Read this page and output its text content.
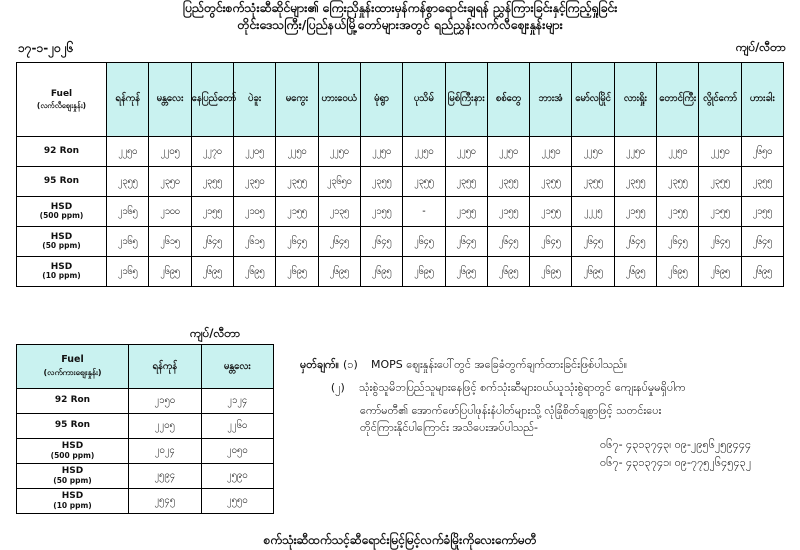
ပြည်တွင်းစက်သုံးဆီဆိုင်များ၏ ကြေးညှိနှုန်းထားမှန်ကန်စွာရောင်းချရန် ညွှန်ကြားခြင်းနှင့်ကြည့်ရှုခြင်း
တိုင်းဒေသကြီး/ပြည်နယ်မြို့တော်များအတွင် ရည်ညွှန်းလက်လီဈေးနှုန်းများ
၁၇-၁-၂၀၂၆	ကျပ်/လီတာ
Fuel
(လက်လီဈေးနှုန်း)	ရန်ကုန်	မန္တလေး	နေပြည်တော်	ပဲခူး	မကွေး	ဟားဝေယံ	မုံရွာ	ပုသိမ်	မြစ်ကြီးနား	စစ်တွေ	ဘားအံ	မော်လမြိုင်	လားရှိုး	တောင်ကြီး	လွိုင်ကော်	ဟားခါး
92 Ron	၂၂၅၀	၂၂၀၅	၂၂၇၀	၂၂၀၅	၂၂၅၀	၂၂၅၀	၂၂၅၀	၂၂၅၀	၂၂၅၀	၂၂၅၀	၂၂၅၀	၂၂၅၀	၂၂၅၀	၂၂၅၀	၂၂၅၀	၂၆၅၀
95 Ron	၂၃၅၅	၂၃၅၀	၂၃၅၅	၂၃၅၀	၂၃၅၅	၂၃၆၅၀	၂၃၅၅	၂၃၅၅	၂၃၅၅	၂၃၅၅	၂၃၅၅	၂၃၅၅	၂၃၅၅	၂၃၅၅	၂၃၅၅	၂၃၅၅
HSD
(500 ppm)	၂၁၆၅	၂၁၀၀	၂၁၅၅	၂၁၀၅	၂၁၅၅	၂၁၃၅	၂၁၅၅	-	၂၁၅၅	၂၁၅၅	၂၁၅၅	၂၂၂၅	၂၁၅၅	၂၁၅၅	၂၁၅၅	၂၁၅၅
HSD
(50 ppm)	၂၁၆၅	၂၆၁၅	၂၆၄၅	၂၆၁၅	၂၆၄၅	၂၆၄၅	၂၆၄၅	၂၆၄၅	၂၆၄၅	၂၆၄၅	၂၆၄၅	၂၆၄၅	၂၆၄၅	၂၆၄၅	၂၆၄၅	၂၆၄၅
HSD
(10 ppm)	၂၁၆၅	၂၆၉၅	၂၆၉၅	၂၆၉၅	၂၆၉၅	၂၆၉၅	၂၆၉၅	၂၆၉၅	၂၆၉၅	၂၆၉၅	၂၆၉၅	၂၆၉၅	၂၆၉၅	၂၆၉၅	၂၆၉၅	၂၆၉၅
ကျပ်/လီတာ
Fuel
(လက်ကားဈေးနှုန်း)	ရန်ကုန်	မန္တလေး
92 Ron	၂၁၅၀	၂၁၂၄
95 Ron	၂၂၀၅	၂၂၆၀
HSD
(500 ppm)	၂၀၂၄	၂၀၅၀
HSD
(50 ppm)	၂၅၉၄	၂၅၉၀
HSD
(10 ppm)	၂၅၄၅	၂၅၅၀
မှတ်ချက်။ (၁)	MOPS ဈေးနှုန်းပေါ်တွင် အခြေခံတွက်ချက်ထားခြင်းဖြစ်ပါသည်။

(၂)	သုံးစွဲသူမိဘပြည်သူများနေဖြင့် စက်သုံးဆီများဝယ်ယူသုံးစွဲရာတွင် ကျေးနပ်မှုမရှိပါက
ကော်မတီ၏ အောက်ဖော်ပြပါဖုန်းနံပါတ်များသို့ လုံခြုံစိတ်ချစွာဖြင့် သတင်းပေး
တိုင်ကြားနိုင်ပါကြောင်း အသိပေးအပ်ပါသည်-
၀၆၇- ၄၃၁၃၇၄၃၊ ၀၉-၂၉၅၆၂၅၉၄၄၄
၀၆၇- ၄၃၁၃၇၄၁၊ ၀၉-၇၇၅၂၆၄၅၄၃၂
စက်သုံးဆီထက်သင့်ဆီရောင်းမြင့်မြင့်လက်ခံမြိုးကိုလေးကော်မတီ
